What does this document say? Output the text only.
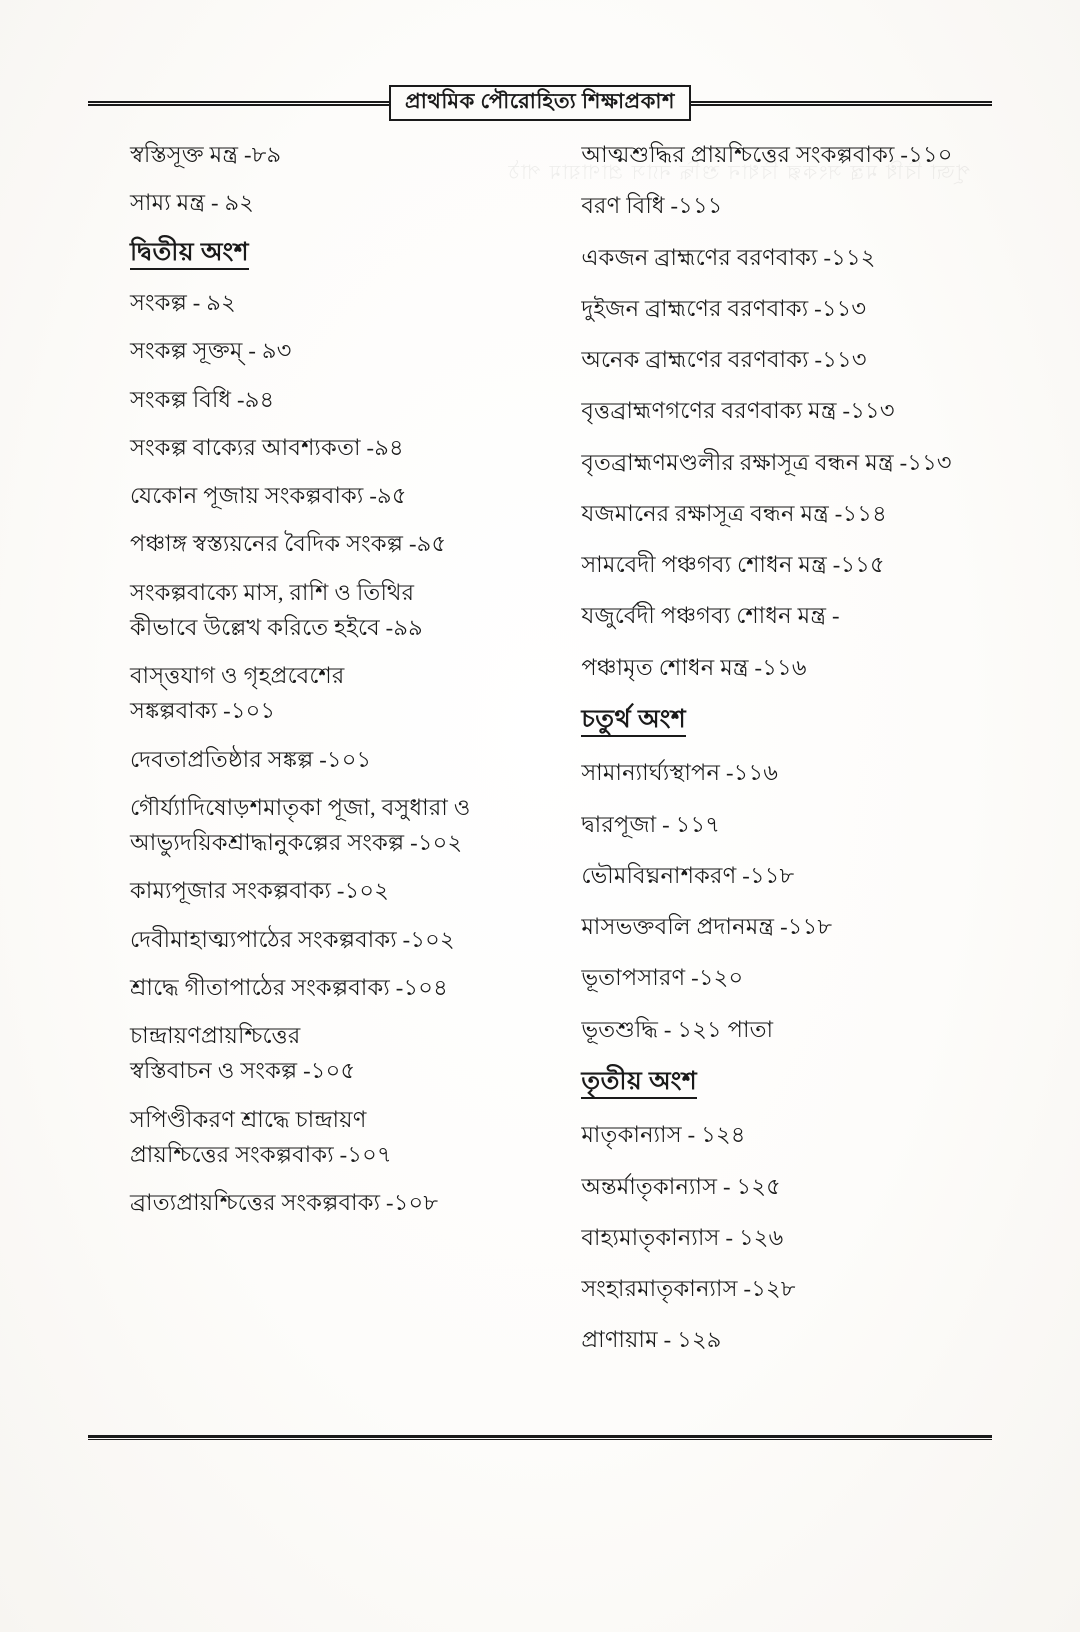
প্রাথমিক পৌরোহিত্য শিক্ষাপ্রকাশ
স্বস্তিসূক্ত মন্ত্র -৮৯
সাম্য মন্ত্র - ৯২
দ্বিতীয় অংশ
সংকল্প - ৯২
সংকল্প সূক্তম্ - ৯৩
সংকল্প বিধি -৯৪
সংকল্প বাক্যের আবশ্যকতা -৯৪
যেকোন পূজায় সংকল্পবাক্য -৯৫
পঞ্চাঙ্গ স্বস্ত্যয়নের বৈদিক সংকল্প -৯৫
সংকল্পবাক্যে মাস, রাশি ও তিথির
কীভাবে উল্লেখ করিতে হইবে -৯৯
বাস্ত্তযাগ ও গৃহপ্রবেশের
সঙ্কল্পবাক্য -১০১
দেবতাপ্রতিষ্ঠার সঙ্কল্প -১০১
গৌর্য্যাদিষোড়শমাতৃকা পূজা, বসুধারা ও
আভ্যুদয়িকশ্রাদ্ধানুকল্পের সংকল্প -১০২
কাম্যপূজার সংকল্পবাক্য -১০২
দেবীমাহাত্ম্যপাঠের সংকল্পবাক্য -১০২
শ্রাদ্ধে গীতাপাঠের সংকল্পবাক্য -১০৪
চান্দ্রায়ণপ্রায়শ্চিত্তের
স্বস্তিবাচন ও সংকল্প -১০৫
সপিণ্ডীকরণ শ্রাদ্ধে চান্দ্রায়ণ
প্রায়শ্চিত্তের সংকল্পবাক্য -১০৭
ব্রাত্যপ্রায়শ্চিত্তের সংকল্পবাক্য -১০৮
আত্মশুদ্ধির প্রায়শ্চিত্তের সংকল্পবাক্য -১১০
বরণ বিধি -১১১
একজন ব্রাহ্মণের বরণবাক্য -১১২
দুইজন ব্রাহ্মণের বরণবাক্য -১১৩
অনেক ব্রাহ্মণের বরণবাক্য -১১৩
বৃত্তব্রাহ্মণগণের বরণবাক্য মন্ত্র -১১৩
বৃতব্রাহ্মণমণ্ডলীর রক্ষাসূত্র বন্ধন মন্ত্র -১১৩
যজমানের রক্ষাসূত্র বন্ধন মন্ত্র -১১৪
সামবেদী পঞ্চগব্য শোধন মন্ত্র -১১৫
যজুর্বেদী পঞ্চগব্য শোধন মন্ত্র -
পঞ্চামৃত শোধন মন্ত্র -১১৬
চতুর্থ অংশ
সামান্যার্ঘ্যস্থাপন -১১৬
দ্বারপূজা - ১১৭
ভৌমবিঘ্ননাশকরণ -১১৮
মাসভক্তবলি প্রদানমন্ত্র -১১৮
ভূতাপসারণ -১২০
ভূতশুদ্ধি - ১২১ পাতা
তৃতীয় অংশ
মাতৃকান্যাস - ১২৪
অন্তর্মাতৃকান্যাস - ১২৫
বাহ্যমাতৃকান্যাস - ১২৬
সংহারমাতৃকান্যাস -১২৮
প্রাণায়াম - ১২৯
